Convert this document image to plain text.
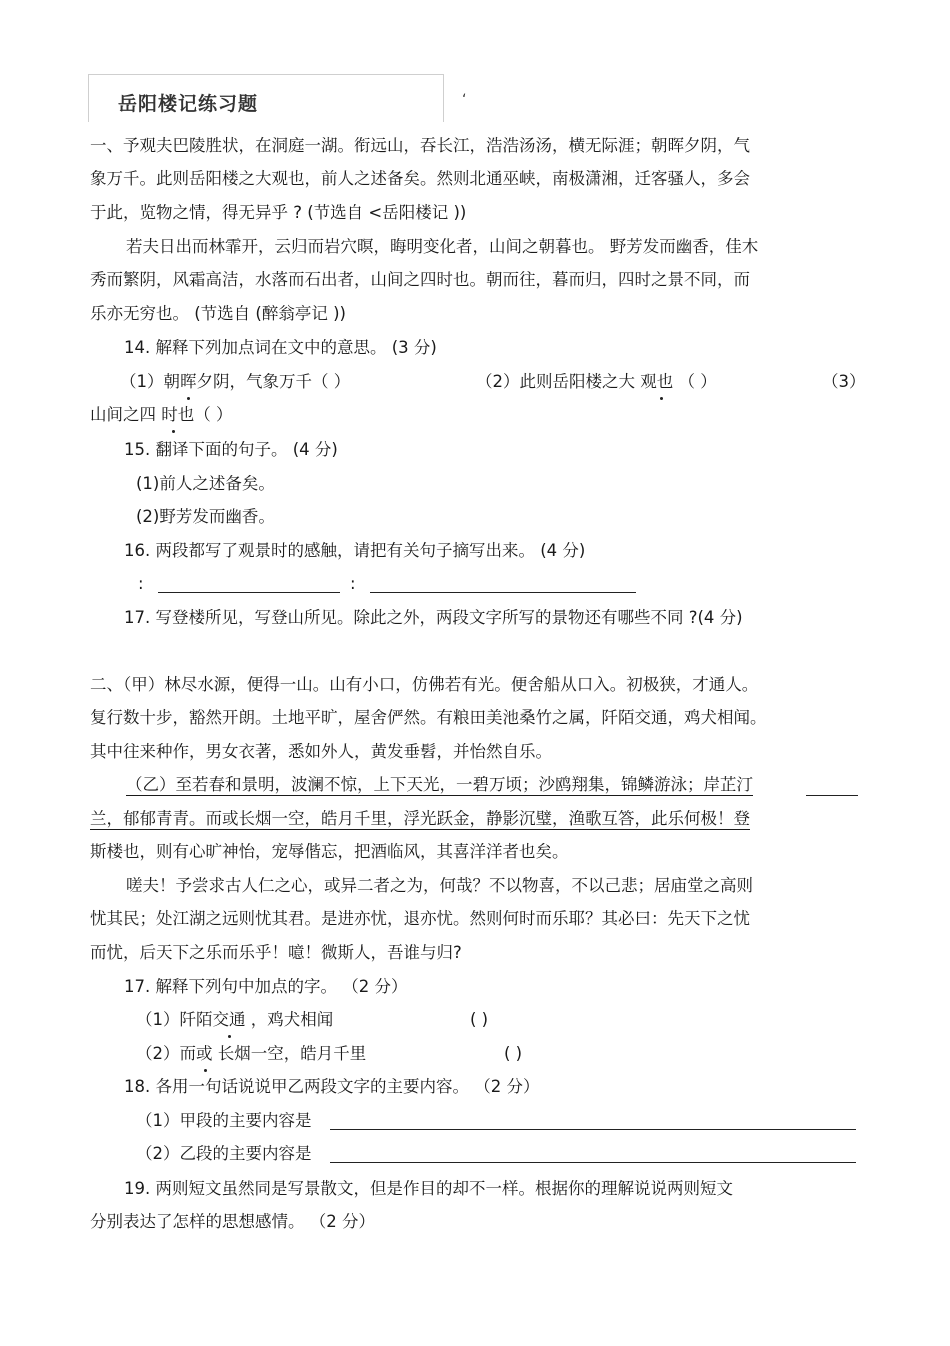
岳阳楼记练习题	‘
一、予观夫巴陵胜状，在洞庭一湖。衔远山，吞长江，浩浩汤汤，横无际涯；朝晖夕阴，气
象万千。此则岳阳楼之大观也，前人之述备矣。然则北通巫峡，南极潇湘，迁客骚人，多会
于此，览物之情，得无异乎 ? (节选自 <岳阳楼记 ))
若夫日出而林霏开，云归而岩穴暝，晦明变化者，山间之朝暮也。 野芳发而幽香，佳木
秀而繁阴，风霜高洁，水落而石出者，山间之四时也。朝而往，暮而归，四时之景不同，而
乐亦无穷也。 (节选自 (醉翁亭记 ))
14. 解释下列加点词在文中的意思。 (3 分)
（1）朝晖夕阴，气象万千（ ）	（2）此则岳阳楼之大 观也 （ ）	（3）
山间之四 时也（ ）
15. 翻译下面的句子。 (4 分)
(1)前人之述备矣。
(2)野芳发而幽香。
16. 两段都写了观景时的感触，请把有关句子摘写出来。 (4 分)
:	:
17. 写登楼所见，写登山所见。除此之外，两段文字所写的景物还有哪些不同 ?(4 分)
二、（甲）林尽水源，便得一山。山有小口，仿佛若有光。便舍船从口入。初极狭，才通人。
复行数十步，豁然开朗。土地平旷，屋舍俨然。有粮田美池桑竹之属，阡陌交通，鸡犬相闻。
其中往来种作，男女衣著，悉如外人，黄发垂髫，并怡然自乐。
（乙）至若春和景明，波澜不惊，上下天光，一碧万顷；沙鸥翔集，锦鳞游泳；岸芷汀
兰，郁郁青青。而或长烟一空，皓月千里，浮光跃金，静影沉璧，渔歌互答，此乐何极！登
斯楼也，则有心旷神怡，宠辱偕忘，把酒临风，其喜洋洋者也矣。
嗟夫！予尝求古人仁之心，或异二者之为，何哉？不以物喜，不以己悲；居庙堂之高则
忧其民；处江湖之远则忧其君。是进亦忧，退亦忧。然则何时而乐耶？其必曰：先天下之忧
而忧，后天下之乐而乐乎！噫！微斯人，吾谁与归?
17. 解释下列句中加点的字。 （2 分）
（1）阡陌交通 ，鸡犬相闻	( )
（2）而或 长烟一空，皓月千里	( )
18. 各用一句话说说甲乙两段文字的主要内容。 （2 分）
（1）甲段的主要内容是
（2）乙段的主要内容是
19. 两则短文虽然同是写景散文，但是作目的却不一样。根据你的理解说说两则短文
分别表达了怎样的思想感情。 （2 分）
